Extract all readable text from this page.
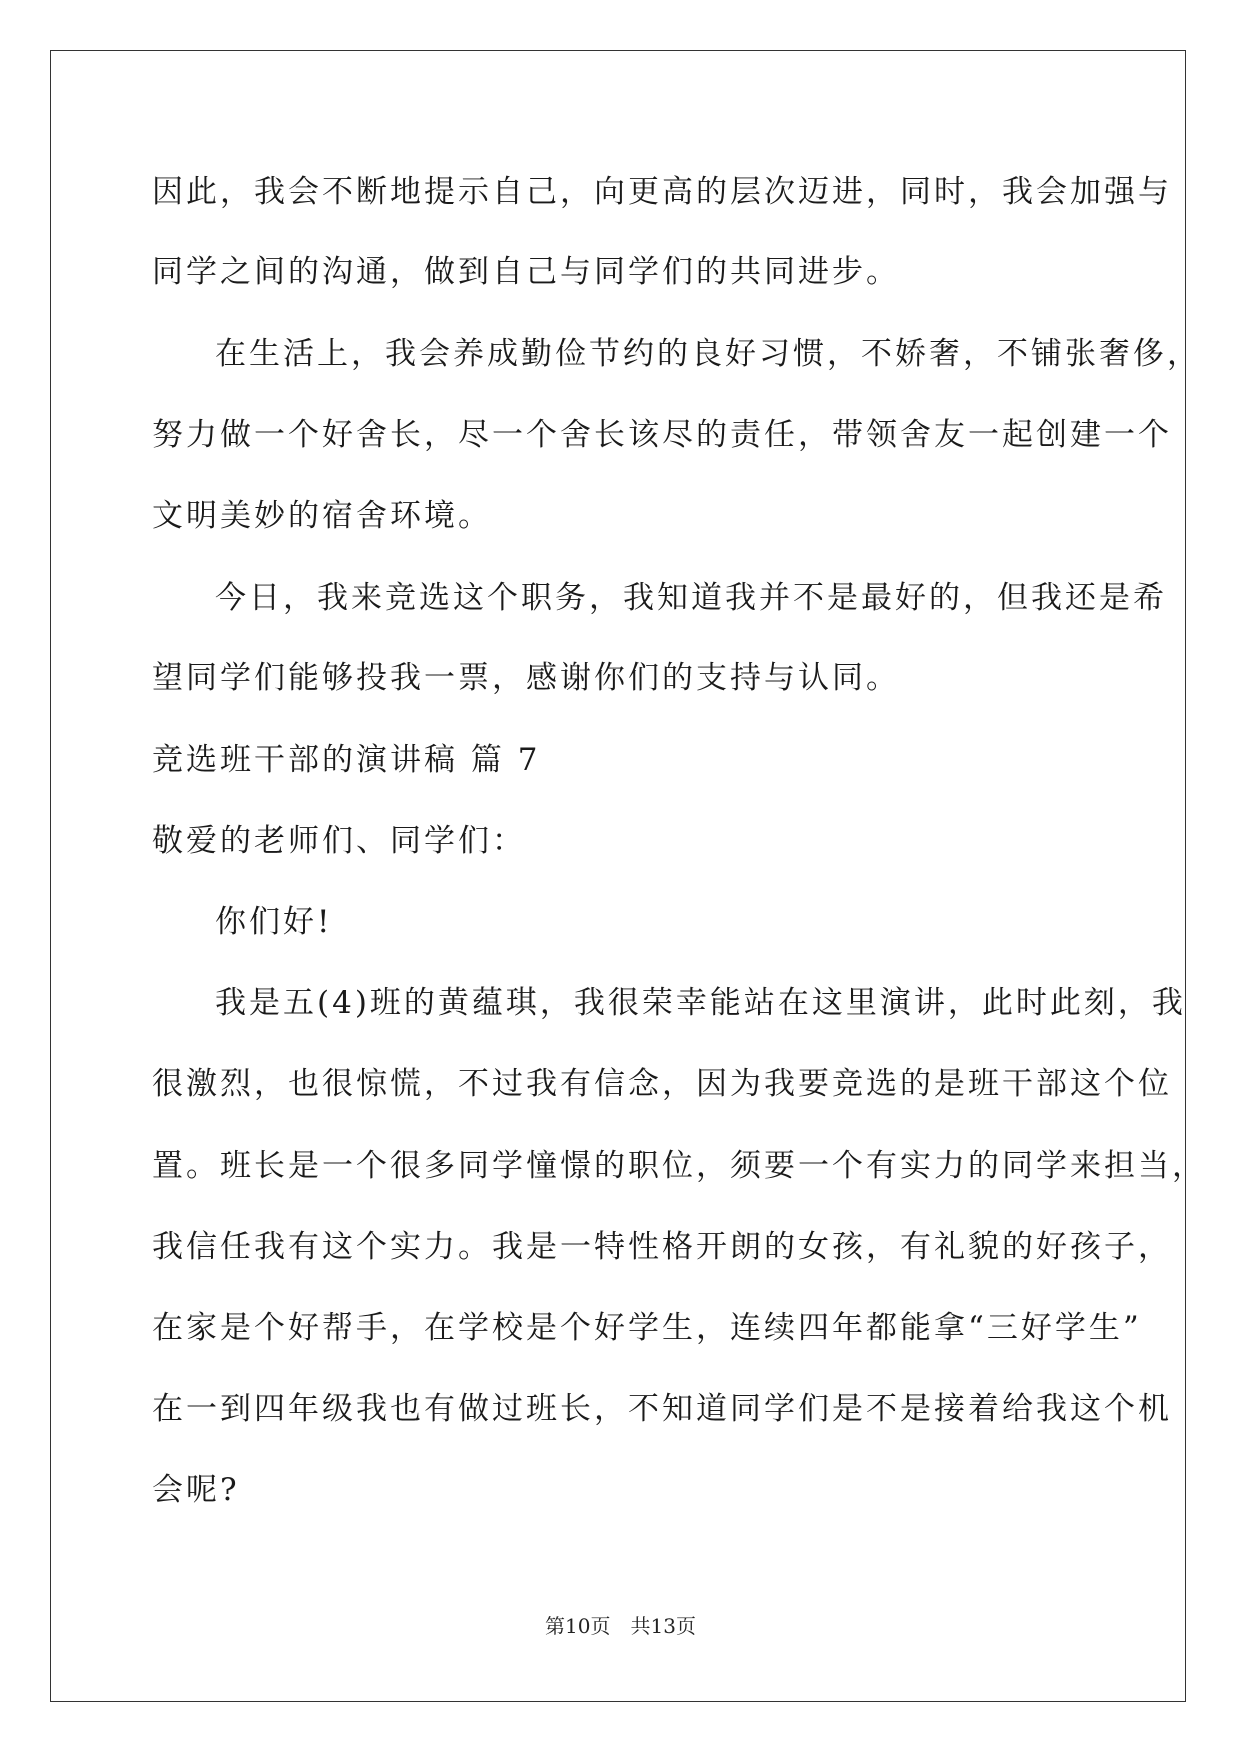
因此，我会不断地提示自己，向更高的层次迈进，同时，我会加强与
同学之间的沟通，做到自己与同学们的共同进步。
在生活上，我会养成勤俭节约的良好习惯，不娇奢，不铺张奢侈，
努力做一个好舍长，尽一个舍长该尽的责任，带领舍友一起创建一个
文明美妙的宿舍环境。
今日，我来竞选这个职务，我知道我并不是最好的，但我还是希
望同学们能够投我一票，感谢你们的支持与认同。
竞选班干部的演讲稿 篇 7
敬爱的老师们、同学们：
你们好!
我是五(4)班的黄蕴琪，我很荣幸能站在这里演讲，此时此刻，我
很激烈，也很惊慌，不过我有信念，因为我要竞选的是班干部这个位
置。班长是一个很多同学憧憬的职位，须要一个有实力的同学来担当，
我信任我有这个实力。我是一特性格开朗的女孩，有礼貌的好孩子，
在家是个好帮手，在学校是个好学生，连续四年都能拿“三好学生”
在一到四年级我也有做过班长，不知道同学们是不是接着给我这个机
会呢?
第10页　共13页
